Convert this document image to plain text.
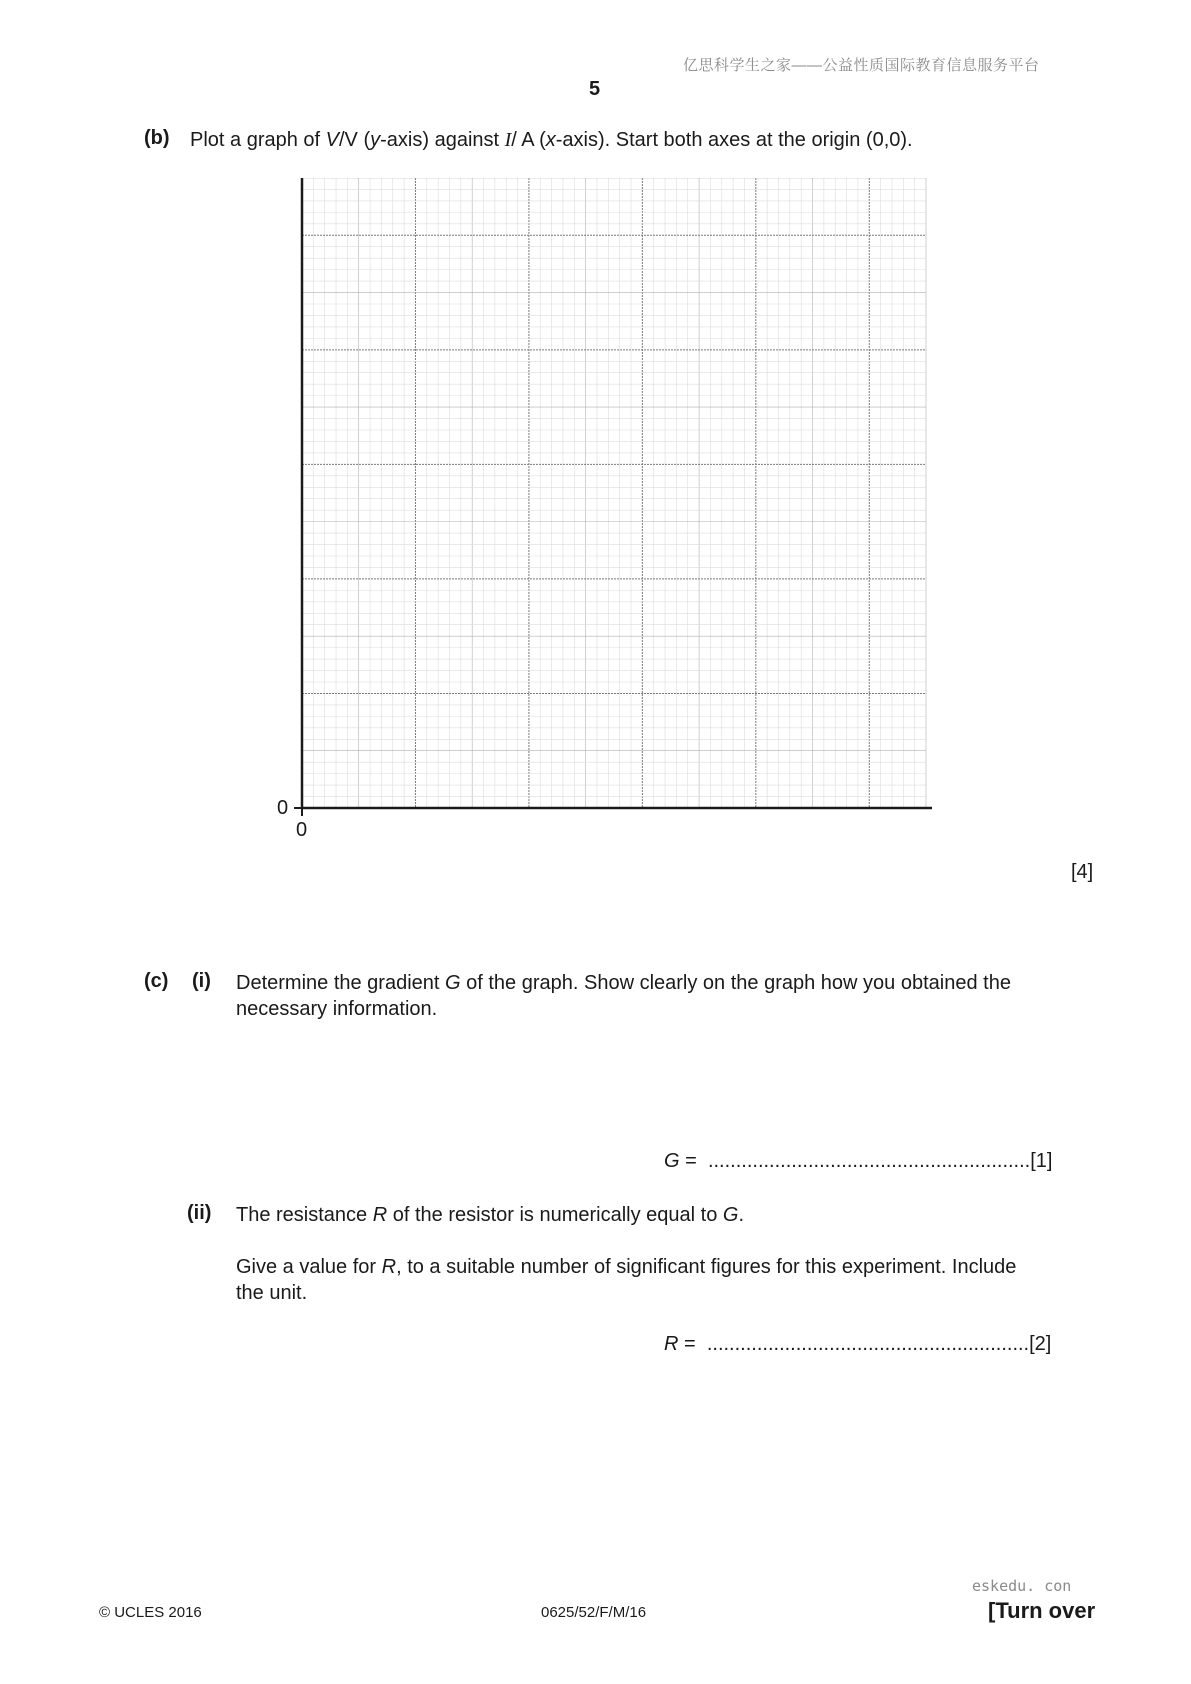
亿思科学生之家——公益性质国际教育信息服务平台
5
(b) Plot a graph of V/V (y-axis) against I/ A (x-axis). Start both axes at the origin (0,0).
0
0
[4]
(c) (i) Determine the gradient G of the graph. Show clearly on the graph how you obtained the
necessary information.
G = ..........................................................[1]
(ii) The resistance R of the resistor is numerically equal to G.
Give a value for R, to a suitable number of significant figures for this experiment. Include
the unit.
R = ..........................................................[2]
eskedu. con
© UCLES 2016	0625/52/F/M/16	[Turn over
